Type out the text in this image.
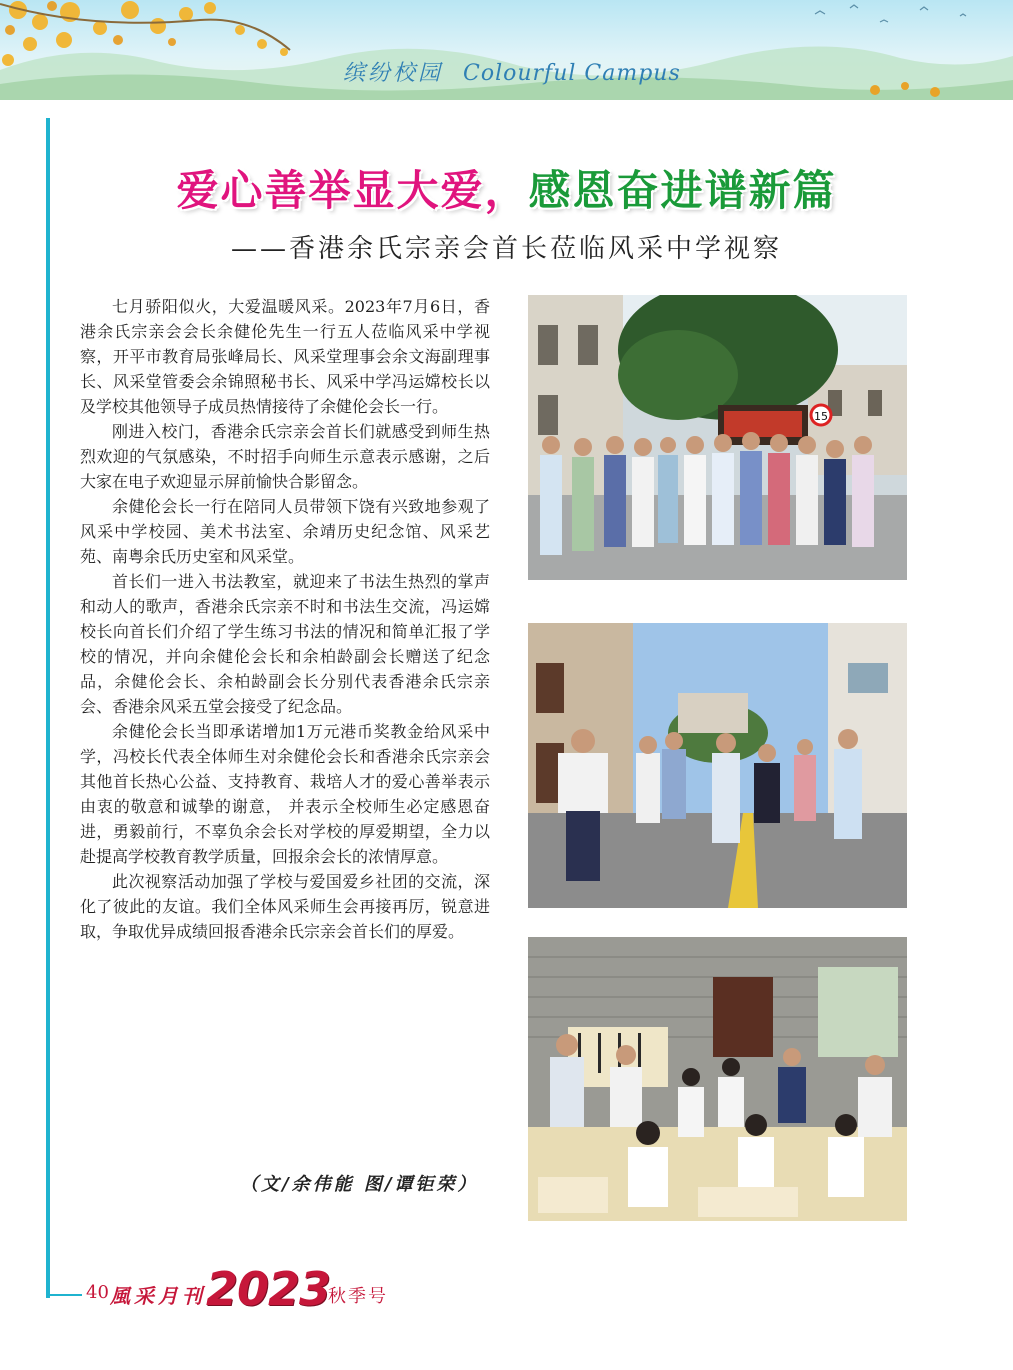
缤纷校园 Colourful Campus
爱心善举显大爱，感恩奋进谱新篇
——香港余氏宗亲会首长莅临风采中学视察

七月骄阳似火，大爱温暖风采。2023年7月6日，香港余氏宗亲会会长余健伦先生一行五人莅临风采中学视察，开平市教育局张峰局长、风采堂理事会余文海副理事长、风采堂管委会余锦照秘书长、风采中学冯运嫦校长以及学校其他领导子成员热情接待了余健伦会长一行。

刚进入校门，香港余氏宗亲会首长们就感受到师生热烈欢迎的气氛感染，不时招手向师生示意表示感谢，之后大家在电子欢迎显示屏前愉快合影留念。

余健伦会长一行在陪同人员带领下饶有兴致地参观了风采中学校园、美术书法室、余靖历史纪念馆、风采艺苑、南粤余氏历史室和风采堂。

首长们一进入书法教室，就迎来了书法生热烈的掌声和动人的歌声，香港余氏宗亲不时和书法生交流，冯运嫦校长向首长们介绍了学生练习书法的情况和简单汇报了学校的情况，并向余健伦会长和余柏龄副会长赠送了纪念品，余健伦会长、余柏龄副会长分别代表香港余氏宗亲会、香港余风采五堂会接受了纪念品。

余健伦会长当即承诺增加1万元港币奖教金给风采中学，冯校长代表全体师生对余健伦会长和香港余氏宗亲会其他首长热心公益、支持教育、栽培人才的爱心善举表示由衷的敬意和诚挚的谢意， 并表示全校师生必定感恩奋进，勇毅前行，不辜负余会长对学校的厚爱期望，全力以赴提高学校教育教学质量，回报余会长的浓情厚意。

此次视察活动加强了学校与爱国爱乡社团的交流，深化了彼此的友谊。我们全体风采师生会再接再厉，锐意进取，争取优异成绩回报香港余氏宗亲会首长们的厚爱。

（文/余伟能 图/谭钜荣）
15
40 風采月刊 2023
秋季号
